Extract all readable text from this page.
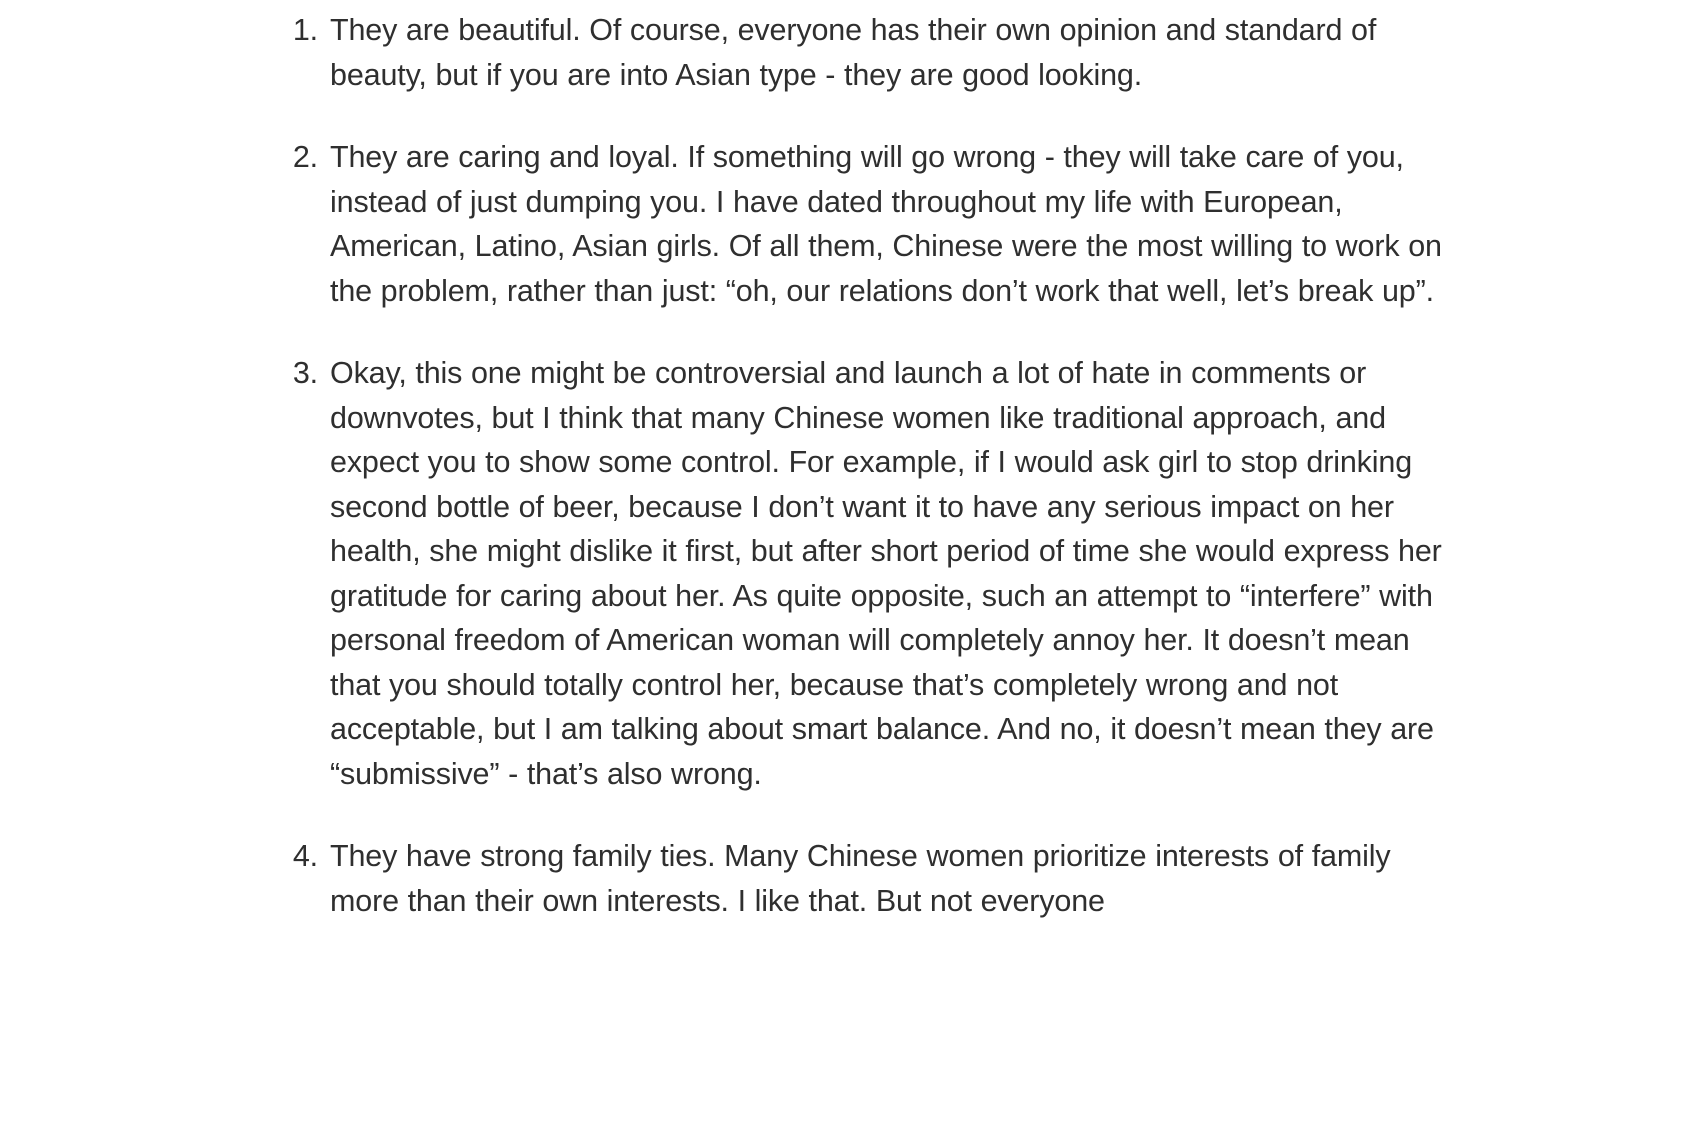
1. They are beautiful. Of course, everyone has their own opinion and standard of beauty, but if you are into Asian type - they are good looking.
2. They are caring and loyal. If something will go wrong - they will take care of you, instead of just dumping you. I have dated throughout my life with European, American, Latino, Asian girls. Of all them, Chinese were the most willing to work on the problem, rather than just: “oh, our relations don’t work that well, let’s break up”.
3. Okay, this one might be controversial and launch a lot of hate in comments or downvotes, but I think that many Chinese women like traditional approach, and expect you to show some control. For example, if I would ask girl to stop drinking second bottle of beer, because I don’t want it to have any serious impact on her health, she might dislike it first, but after short period of time she would express her gratitude for caring about her. As quite opposite, such an attempt to “interfere” with personal freedom of American woman will completely annoy her. It doesn’t mean that you should totally control her, because that’s completely wrong and not acceptable, but I am talking about smart balance. And no, it doesn’t mean they are “submissive” - that’s also wrong.
4. They have strong family ties. Many Chinese women prioritize interests of family more than their own interests. I like that. But not everyone
